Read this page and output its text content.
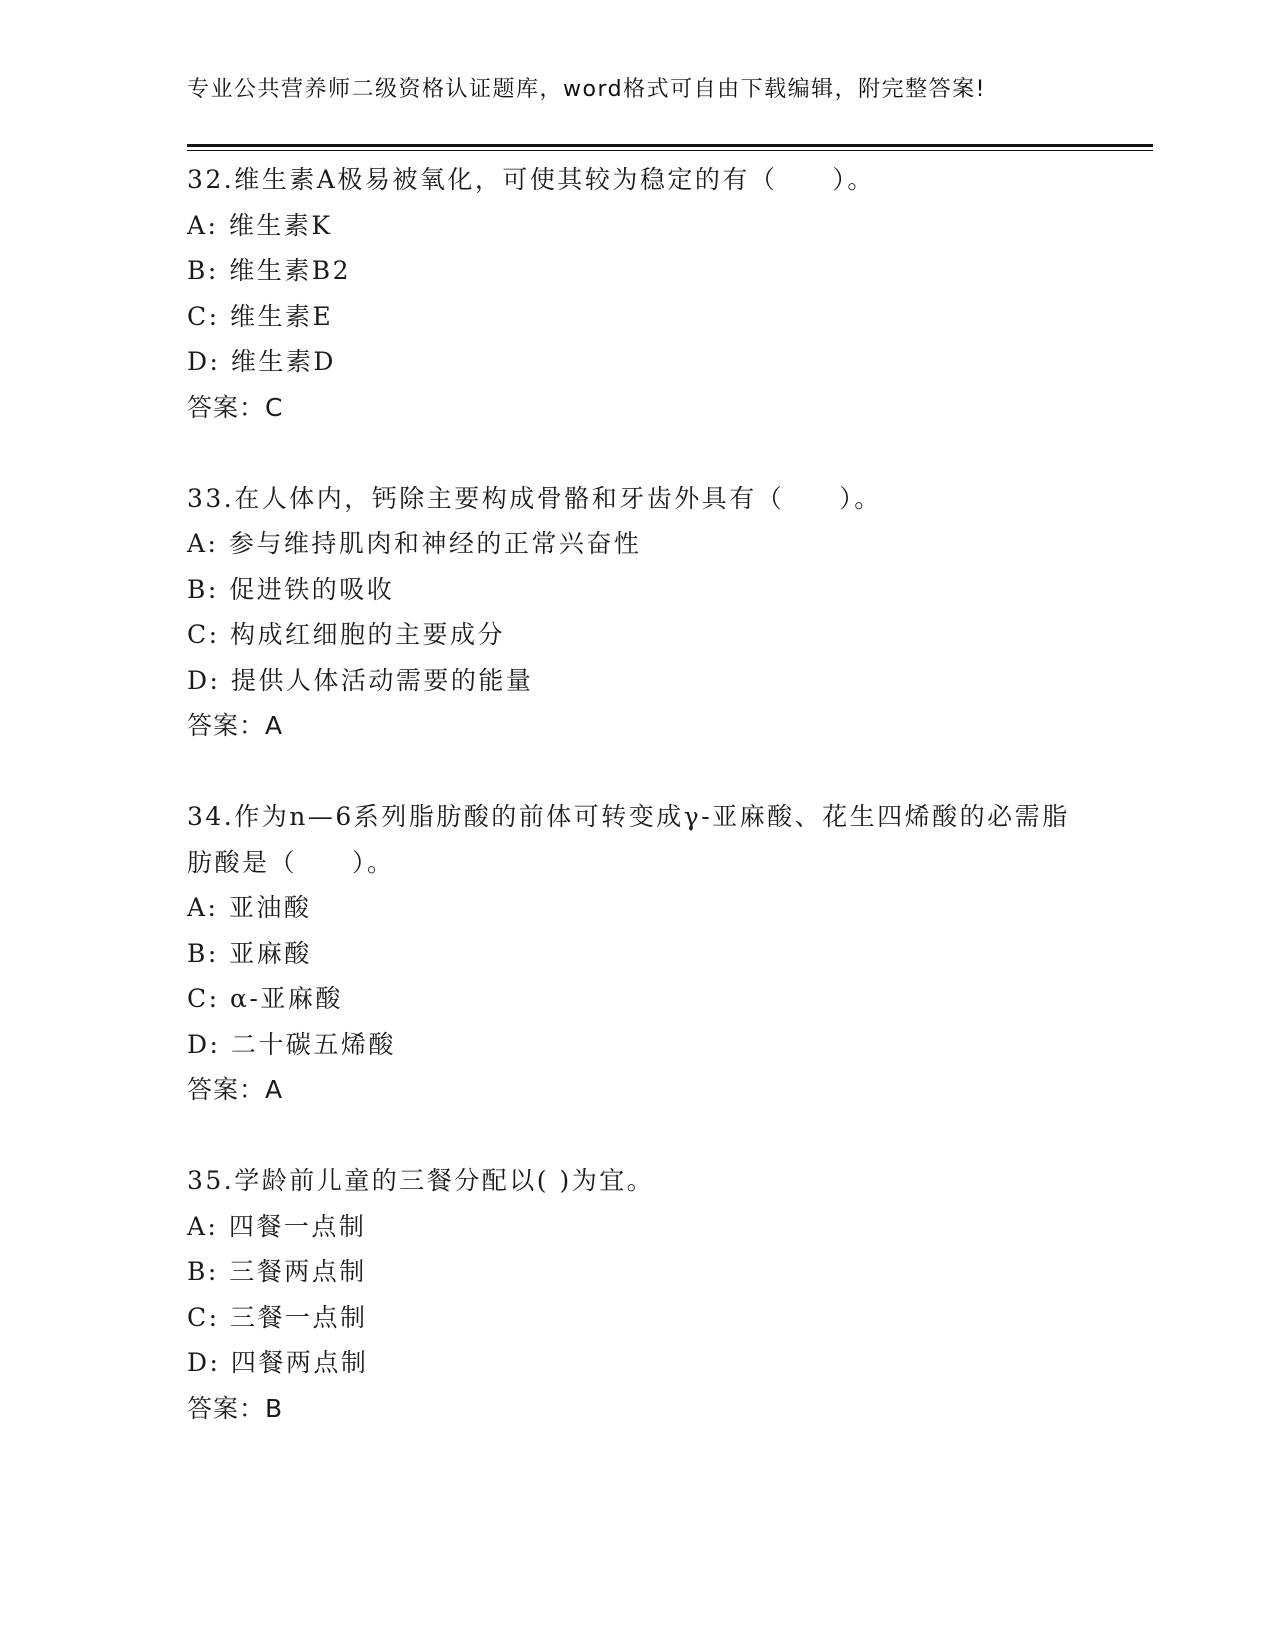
专业公共营养师二级资格认证题库，word格式可自由下载编辑，附完整答案!
32.维生素A极易被氧化，可使其较为稳定的有（　　）。
A: 维生素K
B: 维生素B2
C: 维生素E
D: 维生素D
答案：C
33.在人体内，钙除主要构成骨骼和牙齿外具有（　　）。
A: 参与维持肌肉和神经的正常兴奋性
B: 促进铁的吸收
C: 构成红细胞的主要成分
D: 提供人体活动需要的能量
答案：A
34.作为n—6系列脂肪酸的前体可转变成γ-亚麻酸、花生四烯酸的必需脂肪酸是（　　）。
A: 亚油酸
B: 亚麻酸
C: α-亚麻酸
D: 二十碳五烯酸
答案：A
35.学龄前儿童的三餐分配以( )为宜。
A: 四餐一点制
B: 三餐两点制
C: 三餐一点制
D: 四餐两点制
答案：B
